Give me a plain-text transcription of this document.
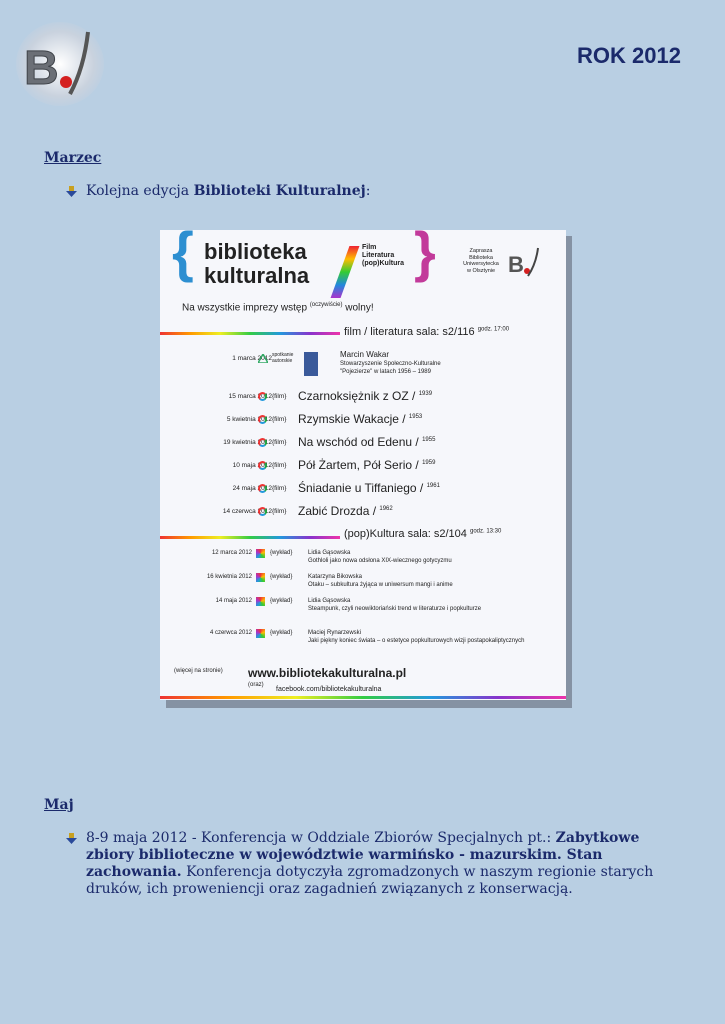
B	ROK 2012
Marzec
Kolejna edycja Biblioteki Kulturalnej:
{ biblioteka
kulturalna
Film
Literatura
(pop)Kultura }	Zaprasza
Biblioteka
Uniwersytecka
w Olsztynie B
Na wszystkie imprezy wstęp $^{(oczywiście)}$ wolny!
film / literatura sala: s2/116 $^{godz. 17:00}$
1 marca 2012 spotkanie autorskie
Marcin Wakar
Stowarzyszenie Społeczno-Kulturalne
"Pojezierze" w latach 1956 – 1989
15 marca 2012 {film} Czarnoksiężnik z OZ / $^{1939}$
5 kwietnia 2012 {film} Rzymskie Wakacje / $^{1953}$
19 kwietnia 2012 {film} Na wschód od Edenu / $^{1955}$
10 maja 2012 {film} Pół Żartem, Pół Serio / $^{1959}$
24 maja 2012 {film} Śniadanie u Tiffaniego / $^{1961}$
14 czerwca 2012 {film} Zabić Drozda / $^{1962}$
(pop)Kultura sala: s2/104 $^{godz. 13:30}$
12 marca 2012	{wykład}	Lidia Gąsowska
Gothloli jako nowa odsłona XIX-wiecznego gotycyzmu
16 kwietnia 2012	{wykład}	Katarzyna Bikowska
Otaku – subkultura żyjąca w uniwersum mangi i anime
14 maja 2012	{wykład}	Lidia Gąsowska
Steampunk, czyli neowiktoriański trend w literaturze i popkulturze
4 czerwca 2012	{wykład}	Maciej Rynarzewski
Jaki piękny koniec świata – o estetyce popkulturowych wizji postapokaliptycznych
(więcej na stronie) www.bibliotekakulturalna.pl
(oraz)
facebook.com/bibliotekakulturalna
Maj
8-9 maja 2012 - Konferencja w Oddziale Zbiorów Specjalnych pt.: Zabytkowe zbiory biblioteczne w województwie warmińsko - mazurskim. Stan zachowania. Konferencja dotyczyła zgromadzonych w naszym regionie starych druków, ich proweniencji oraz zagadnień związanych z konserwacją.
